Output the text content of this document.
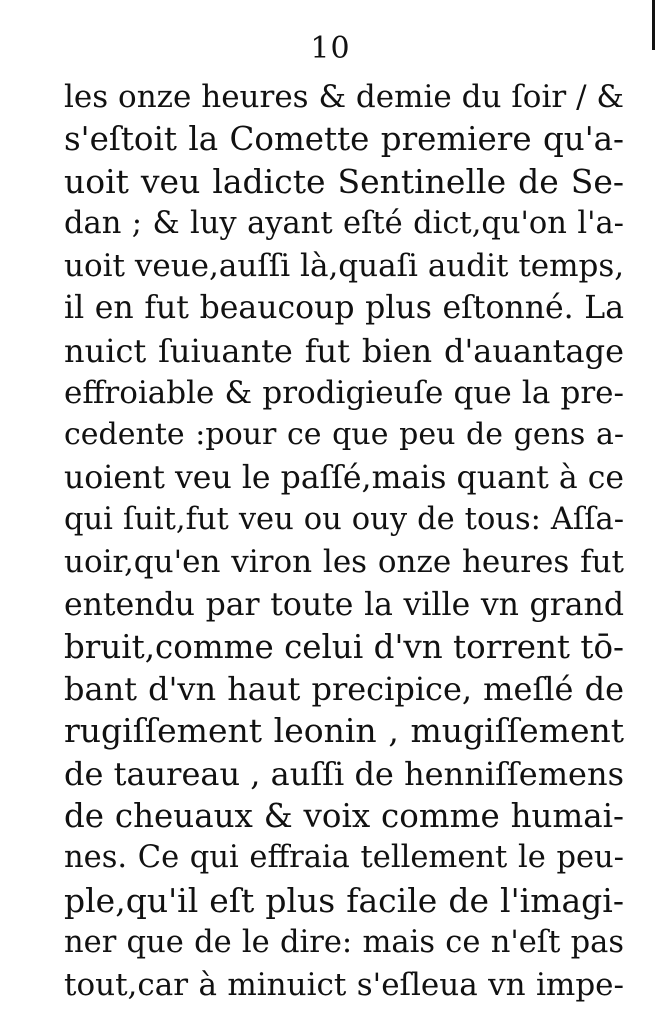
10
les onze heures & demie du ſoir / &
s'eſtoit la Comette premiere qu'a-
uoit veu ladicte Sentinelle de Se-
dan ; & luy ayant eſté dict,qu'on l'a-
uoit veue,auſſi là,quaſi audit temps,
il en fut beaucoup plus eſtonné. La
nuict ſuiuante fut bien d'auantage
effroiable & prodigieuſe que la pre-
cedente :pour ce que peu de gens a-
uoient veu le paſſé,mais quant à ce
qui ſuit,fut veu ou ouy de tous: Aſſa-
uoir,qu'en viron les onze heures fut
entendu par toute la ville vn grand
bruit,comme celui d'vn torrent tō-
bant d'vn haut precipice, meſlé de
rugiſſement leonin , mugiſſement
de taureau , auſſi de henniſſemens
de cheuaux & voix comme humai-
nes. Ce qui effraia tellement le peu-
ple,qu'il eſt plus facile de l'imagi-
ner que de le dire: mais ce n'eſt pas
tout,car à minuict s'eſleua vn impe-
